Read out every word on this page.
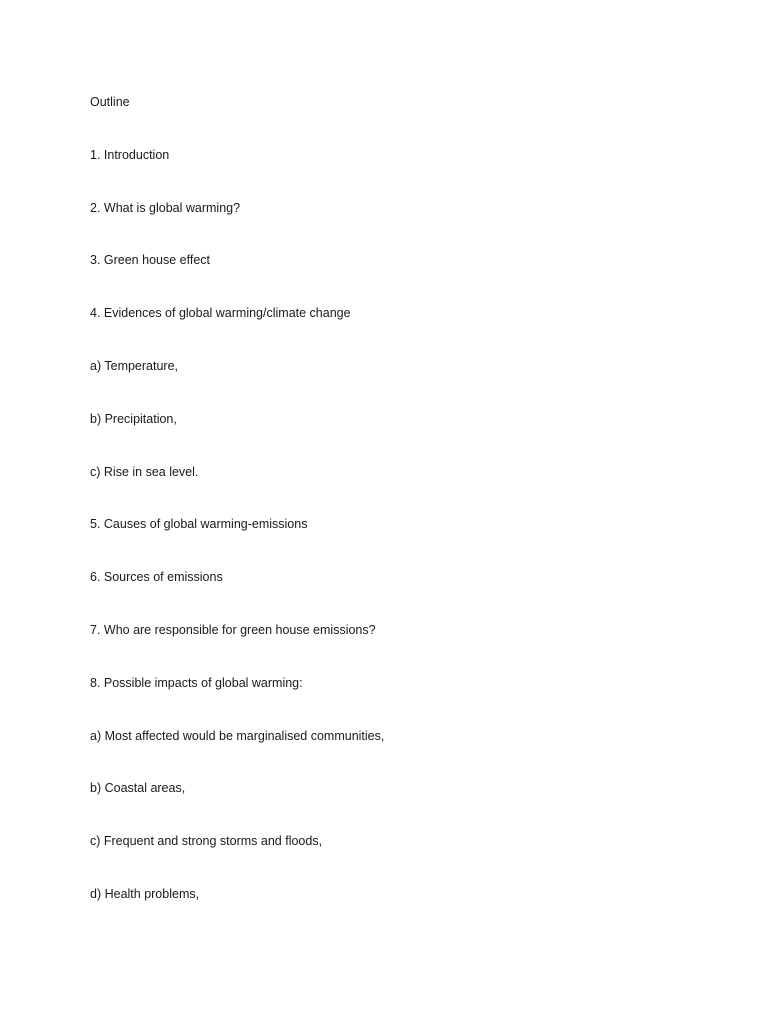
Outline
1. Introduction
2. What is global warming?
3. Green house effect
4. Evidences of global warming/climate change
a) Temperature,
b) Precipitation,
c) Rise in sea level.
5. Causes of global warming-emissions
6. Sources of emissions
7. Who are responsible for green house emissions?
8. Possible impacts of global warming:
a) Most affected would be marginalised communities,
b) Coastal areas,
c) Frequent and strong storms and floods,
d) Health problems,
